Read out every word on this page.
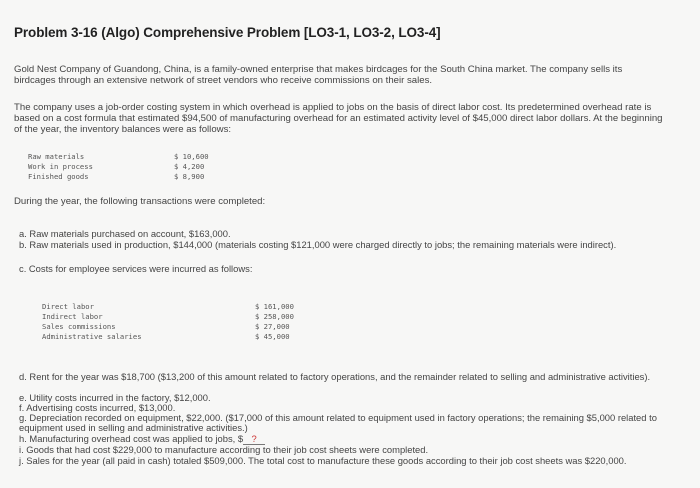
Problem 3-16 (Algo) Comprehensive Problem [LO3-1, LO3-2, LO3-4]
Gold Nest Company of Guandong, China, is a family-owned enterprise that makes birdcages for the South China market. The company sells its birdcages through an extensive network of street vendors who receive commissions on their sales.
The company uses a job-order costing system in which overhead is applied to jobs on the basis of direct labor cost. Its predetermined overhead rate is based on a cost formula that estimated $94,500 of manufacturing overhead for an estimated activity level of $45,000 direct labor dollars. At the beginning of the year, the inventory balances were as follows:
Raw materials	$ 10,600
Work in process	$ 4,200
Finished goods	$ 8,900
During the year, the following transactions were completed:
a. Raw materials purchased on account, $163,000.
b. Raw materials used in production, $144,000 (materials costing $121,000 were charged directly to jobs; the remaining materials were indirect).
c. Costs for employee services were incurred as follows:
Direct labor	$ 161,000
Indirect labor	$ 258,000
Sales commissions	$ 27,000
Administrative salaries	$ 45,000
d. Rent for the year was $18,700 ($13,200 of this amount related to factory operations, and the remainder related to selling and administrative activities).
e. Utility costs incurred in the factory, $12,000.
f. Advertising costs incurred, $13,000.
g. Depreciation recorded on equipment, $22,000. ($17,000 of this amount related to equipment used in factory operations; the remaining $5,000 related to equipment used in selling and administrative activities.)
h. Manufacturing overhead cost was applied to jobs, $ ?
i. Goods that had cost $229,000 to manufacture according to their job cost sheets were completed.
j. Sales for the year (all paid in cash) totaled $509,000. The total cost to manufacture these goods according to their job cost sheets was $220,000.
